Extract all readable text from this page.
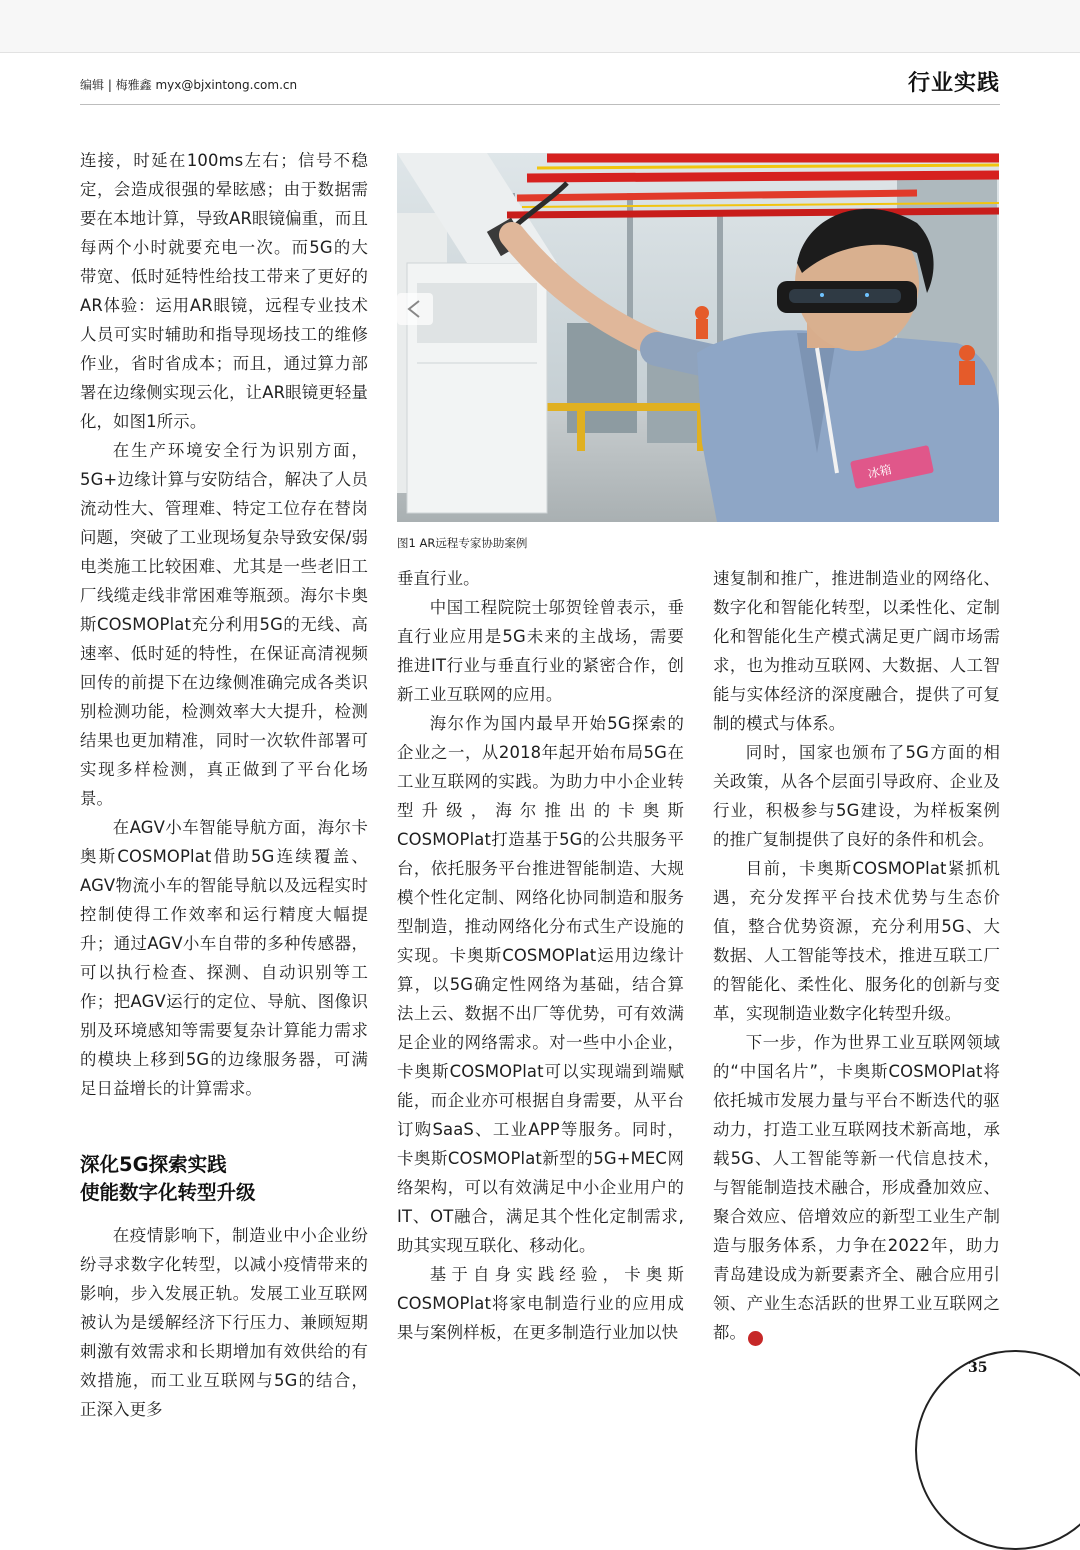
编辑 | 梅雅鑫 myx@bjxintong.com.cn	行业实践

连接，时延在100ms左右；信号不稳定，会造成很强的晕眩感；由于数据需要在本地计算，导致AR眼镜偏重，而且每两个小时就要充电一次。而5G的大带宽、低时延特性给技工带来了更好的AR体验：运用AR眼镜，远程专业技术人员可实时辅助和指导现场技工的维修作业，省时省成本；而且，通过算力部署在边缘侧实现云化，让AR眼镜更轻量化，如图1所示。

在生产环境安全行为识别方面，5G+边缘计算与安防结合，解决了人员流动性大、管理难、特定工位存在替岗问题，突破了工业现场复杂导致安保/弱电类施工比较困难、尤其是一些老旧工厂线缆走线非常困难等瓶颈。海尔卡奥斯COSMOPlat充分利用5G的无线、高速率、低时延的特性，在保证高清视频回传的前提下在边缘侧准确完成各类识别检测功能，检测效率大大提升，检测结果也更加精准，同时一次软件部署可实现多样检测，真正做到了平台化场景。

在AGV小车智能导航方面，海尔卡奥斯COSMOPlat借助5G连续覆盖、AGV物流小车的智能导航以及远程实时控制使得工作效率和运行精度大幅提升；通过AGV小车自带的多种传感器，可以执行检查、探测、自动识别等工作；把AGV运行的定位、导航、图像识别及环境感知等需要复杂计算能力需求的模块上移到5G的边缘服务器，可满足日益增长的计算需求。

深化5G探索实践
使能数字化转型升级

在疫情影响下，制造业中小企业纷纷寻求数字化转型，以减小疫情带来的影响，步入发展正轨。发展工业互联网被认为是缓解经济下行压力、兼顾短期刺激有效需求和长期增加有效供给的有效措施，而工业互联网与5G的结合，正深入更多

冰箱
图1 AR远程专家协助案例

垂直行业。

中国工程院院士邬贺铨曾表示，垂直行业应用是5G未来的主战场，需要推进IT行业与垂直行业的紧密合作，创新工业互联网的应用。

海尔作为国内最早开始5G探索的企业之一，从2018年起开始布局5G在工业互联网的实践。为助力中小企业转型升级，海尔推出的卡奥斯COSMOPlat打造基于5G的公共服务平台，依托服务平台推进智能制造、大规模个性化定制、网络化协同制造和服务型制造，推动网络化分布式生产设施的实现。卡奥斯COSMOPlat运用边缘计算，以5G确定性网络为基础，结合算法上云、数据不出厂等优势，可有效满足企业的网络需求。对一些中小企业，卡奥斯COSMOPlat可以实现端到端赋能，而企业亦可根据自身需要，从平台订购SaaS、工业APP等服务。同时，卡奥斯COSMOPlat新型的5G+MEC网络架构，可以有效满足中小企业用户的IT、OT融合，满足其个性化定制需求,助其实现互联化、移动化。

基于自身实践经验，卡奥斯COSMOPlat将家电制造行业的应用成果与案例样板，在更多制造行业加以快

速复制和推广，推进制造业的网络化、数字化和智能化转型，以柔性化、定制化和智能化生产模式满足更广阔市场需求，也为推动互联网、大数据、人工智能与实体经济的深度融合，提供了可复制的模式与体系。

同时，国家也颁布了5G方面的相关政策，从各个层面引导政府、企业及行业，积极参与5G建设，为样板案例的推广复制提供了良好的条件和机会。

目前，卡奥斯COSMOPlat紧抓机遇，充分发挥平台技术优势与生态价值，整合优势资源，充分利用5G、大数据、人工智能等技术，推进互联工厂的智能化、柔性化、服务化的创新与变革，实现制造业数字化转型升级。

下一步，作为世界工业互联网领域的“中国名片”，卡奥斯COSMOPlat将依托城市发展力量与平台不断迭代的驱动力，打造工业互联网技术新高地，承载5G、人工智能等新一代信息技术，与智能制造技术融合，形成叠加效应、聚合效应、倍增效应的新型工业生产制造与服务体系，力争在2022年，助力青岛建设成为新要素齐全、融合应用引领、产业生态活跃的世界工业互联网之都。	CNW

35
